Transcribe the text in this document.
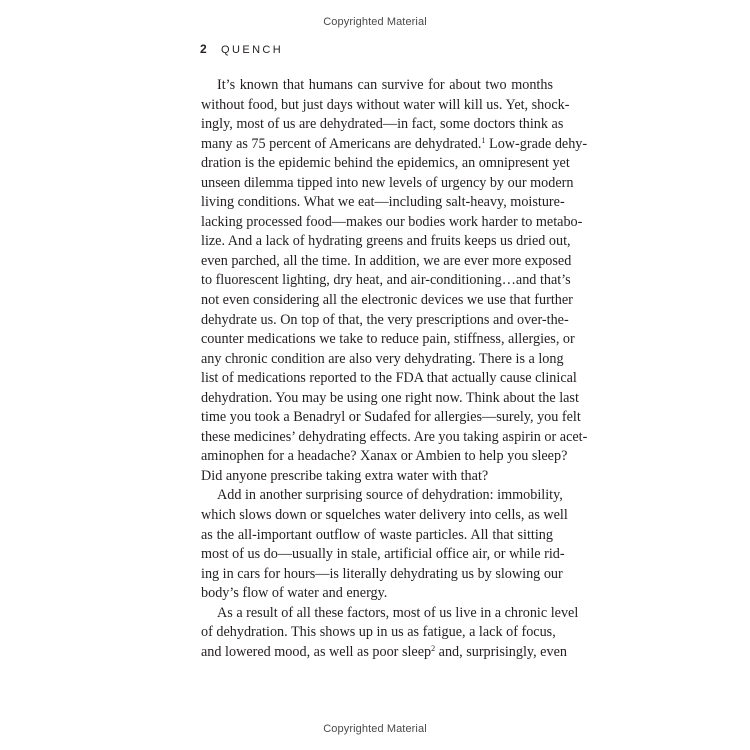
Copyrighted Material
2 QUENCH

It’s known that humans can survive for about two months
without food, but just days without water will kill us. Yet, shock-
ingly, most of us are dehydrated—in fact, some doctors think as
many as 75 percent of Americans are dehydrated.$^1$ Low-grade dehy-
dration is the epidemic behind the epidemics, an omnipresent yet
unseen dilemma tipped into new levels of urgency by our modern
living conditions. What we eat—including salt-heavy, moisture-
lacking processed food—makes our bodies work harder to metabo-
lize. And a lack of hydrating greens and fruits keeps us dried out,
even parched, all the time. In addition, we are ever more exposed
to fluorescent lighting, dry heat, and air-conditioning…and that’s
not even considering all the electronic devices we use that further
dehydrate us. On top of that, the very prescriptions and over-the-
counter medications we take to reduce pain, stiffness, allergies, or
any chronic condition are also very dehydrating. There is a long
list of medications reported to the FDA that actually cause clinical
dehydration. You may be using one right now. Think about the last
time you took a Benadryl or Sudafed for allergies—surely, you felt
these medicines’ dehydrating effects. Are you taking aspirin or acet-
aminophen for a headache? Xanax or Ambien to help you sleep?
Did anyone prescribe taking extra water with that?

Add in another surprising source of dehydration: immobility,
which slows down or squelches water delivery into cells, as well
as the all-important outflow of waste particles. All that sitting
most of us do—usually in stale, artificial office air, or while rid-
ing in cars for hours—is literally dehydrating us by slowing our
body’s flow of water and energy.

As a result of all these factors, most of us live in a chronic level
of dehydration. This shows up in us as fatigue, a lack of focus,
and lowered mood, as well as poor sleep$^2$ and, surprisingly, even

Copyrighted Material
